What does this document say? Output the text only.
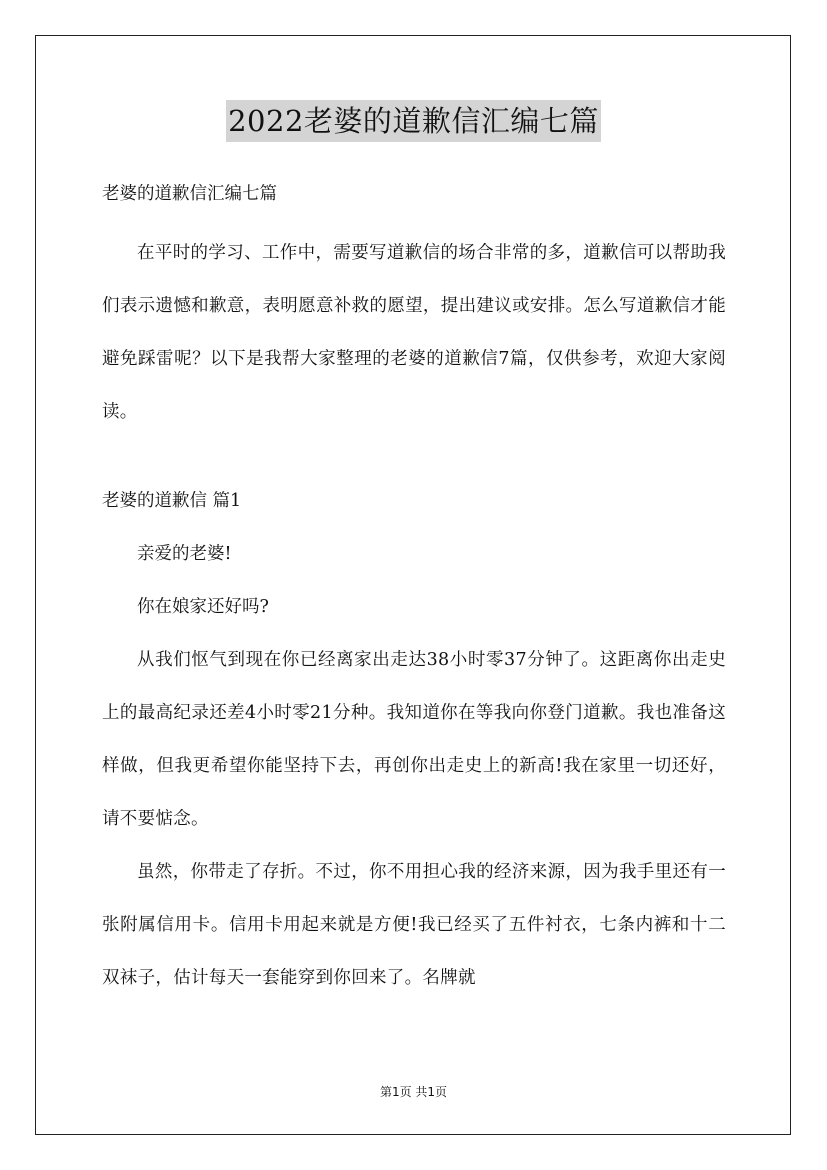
2022老婆的道歉信汇编七篇

老婆的道歉信汇编七篇

在平时的学习、工作中，需要写道歉信的场合非常的多，道歉信可以帮助我们表示遗憾和歉意，表明愿意补救的愿望，提出建议或安排。怎么写道歉信才能避免踩雷呢？以下是我帮大家整理的老婆的道歉信7篇，仅供参考，欢迎大家阅读。

老婆的道歉信 篇1

亲爱的老婆!

你在娘家还好吗?

从我们怄气到现在你已经离家出走达38小时零37分钟了。这距离你出走史上的最高纪录还差4小时零21分种。我知道你在等我向你登门道歉。我也准备这样做，但我更希望你能坚持下去，再创你出走史上的新高!我在家里一切还好，请不要惦念。

虽然，你带走了存折。不过，你不用担心我的经济来源，因为我手里还有一张附属信用卡。信用卡用起来就是方便!我已经买了五件衬衣，七条内裤和十二双袜子，估计每天一套能穿到你回来了。名牌就

第1页 共1页
